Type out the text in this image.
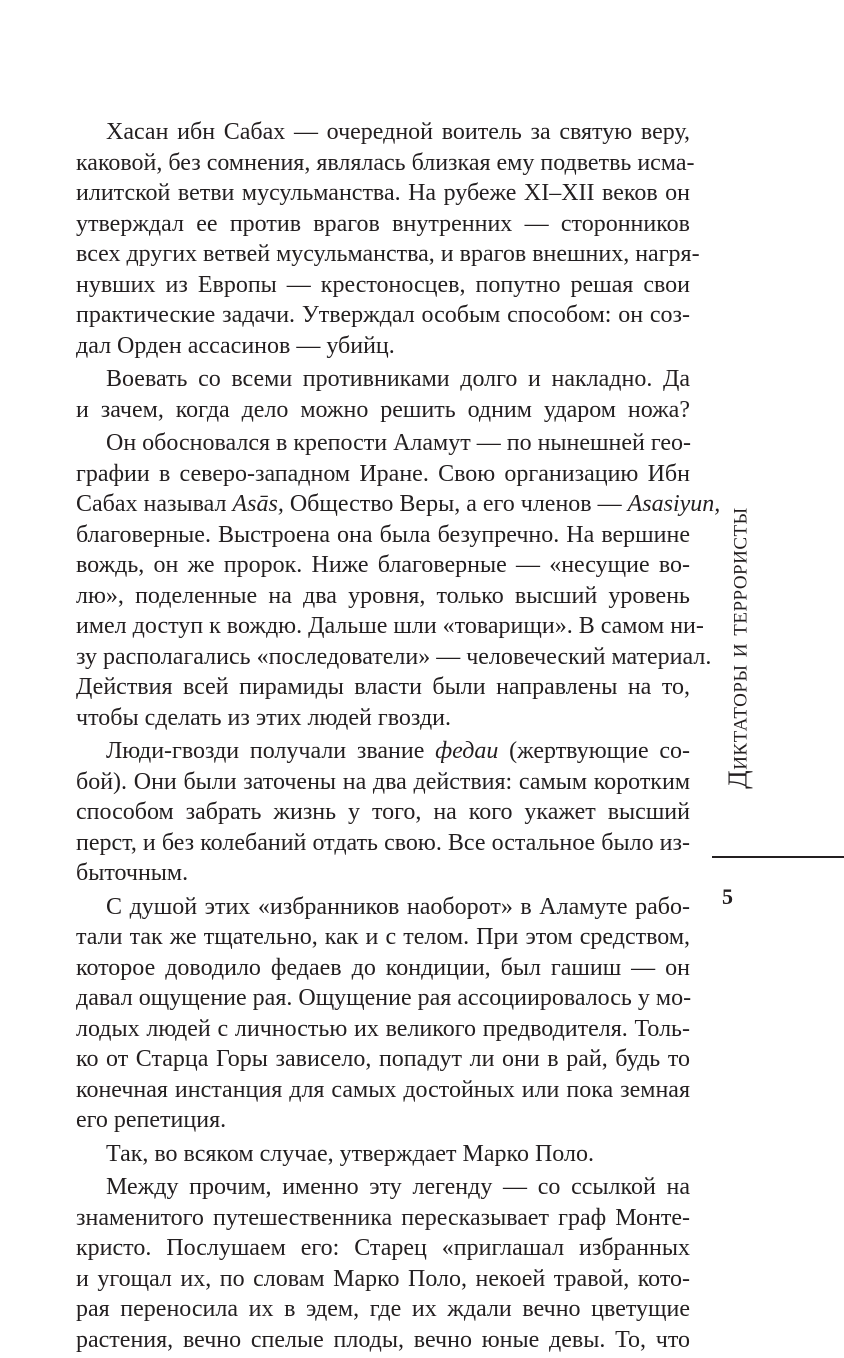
Хасан ибн Сабах — очередной воитель за святую веру,
каковой, без сомнения, являлась близкая ему подветвь исма-
илитской ветви мусульманства. На рубеже XI–XII веков он
утверждал ее против врагов внутренних — сторонников
всех других ветвей мусульманства, и врагов внешних, нагря-
нувших из Европы — крестоносцев, попутно решая свои
практические задачи. Утверждал особым способом: он соз-
дал Орден ассасинов — убийц.

Воевать со всеми противниками долго и накладно. Да
и зачем, когда дело можно решить одним ударом ножа?

Он обосновался в крепости Аламут — по нынешней гео-
графии в северо-западном Иране. Свою организацию Ибн
Сабах называл Asās, Общество Веры, а его членов — Asasiyun,
благоверные. Выстроена она была безупречно. На вершине
вождь, он же пророк. Ниже благоверные — «несущие во-
лю», поделенные на два уровня, только высший уровень
имел доступ к вождю. Дальше шли «товарищи». В самом ни-
зу располагались «последователи» — человеческий материал.
Действия всей пирамиды власти были направлены на то,
чтобы сделать из этих людей гвозди.

Люди-гвозди получали звание федаи (жертвующие со-
бой). Они были заточены на два действия: самым коротким
способом забрать жизнь у того, на кого укажет высший
перст, и без колебаний отдать свою. Все остальное было из-
быточным.

С душой этих «избранников наоборот» в Аламуте рабо-
тали так же тщательно, как и с телом. При этом средством,
которое доводило федаев до кондиции, был гашиш — он
давал ощущение рая. Ощущение рая ассоциировалось у мо-
лодых людей с личностью их великого предводителя. Толь-
ко от Старца Горы зависело, попадут ли они в рай, будь то
конечная инстанция для самых достойных или пока земная
его репетиция.

Так, во всяком случае, утверждает Марко Поло.

Между прочим, именно эту легенду — со ссылкой на
знаменитого путешественника пересказывает граф Монте-
кристо. Послушаем его: Старец «приглашал избранных
и угощал их, по словам Марко Поло, некоей травой, кото-
рая переносила их в эдем, где их ждали вечно цветущие
растения, вечно спелые плоды, вечно юные девы. То, что

Диктаторы и террористы
5
